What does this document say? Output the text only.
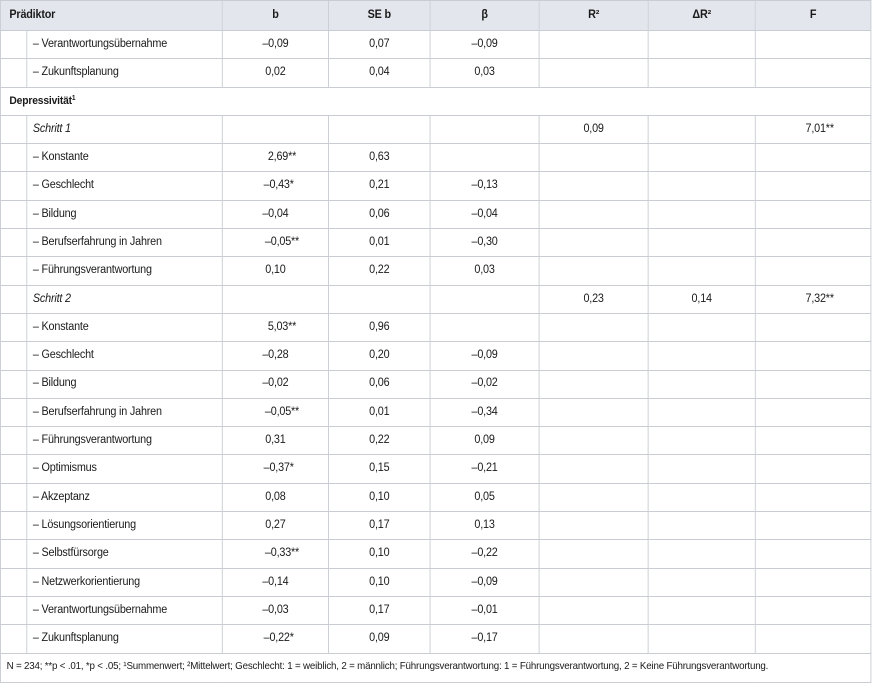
Prädiktor		b	SE b	β	R²	ΔR²	F
	– Verantwortungsübernahme	–0,09	0,07	–0,09			
	– Zukunftsplanung	0,02	0,04	0,03			
Depressivität$^1$
	Schritt 1				0,09		7,01**
	– Konstante	2,69**	0,63				
	– Geschlecht	–0,43*	0,21	–0,13			
	– Bildung	–0,04	0,06	–0,04			
	– Berufserfahrung in Jahren	–0,05**	0,01	–0,30			
	– Führungsverantwortung	0,10	0,22	0,03			
	Schritt 2				0,23	0,14	7,32**
	– Konstante	5,03**	0,96				
	– Geschlecht	–0,28	0,20	–0,09			
	– Bildung	–0,02	0,06	–0,02			
	– Berufserfahrung in Jahren	–0,05**	0,01	–0,34			
	– Führungsverantwortung	0,31	0,22	0,09			
	– Optimismus	–0,37*	0,15	–0,21			
	– Akzeptanz	0,08	0,10	0,05			
	– Lösungsorientierung	0,27	0,17	0,13			
	– Selbstfürsorge	–0,33**	0,10	–0,22			
	– Netzwerkorientierung	–0,14	0,10	–0,09			
	– Verantwortungsübernahme	–0,03	0,17	–0,01			
	– Zukunftsplanung	–0,22*	0,09	–0,17			
N = 234; **p < .01, *p < .05; ¹Summenwert; ²Mittelwert; Geschlecht: 1 = weiblich, 2 = männlich; Führungsverantwortung: 1 = Führungsverantwortung, 2 = Keine Führungsverantwortung.							
